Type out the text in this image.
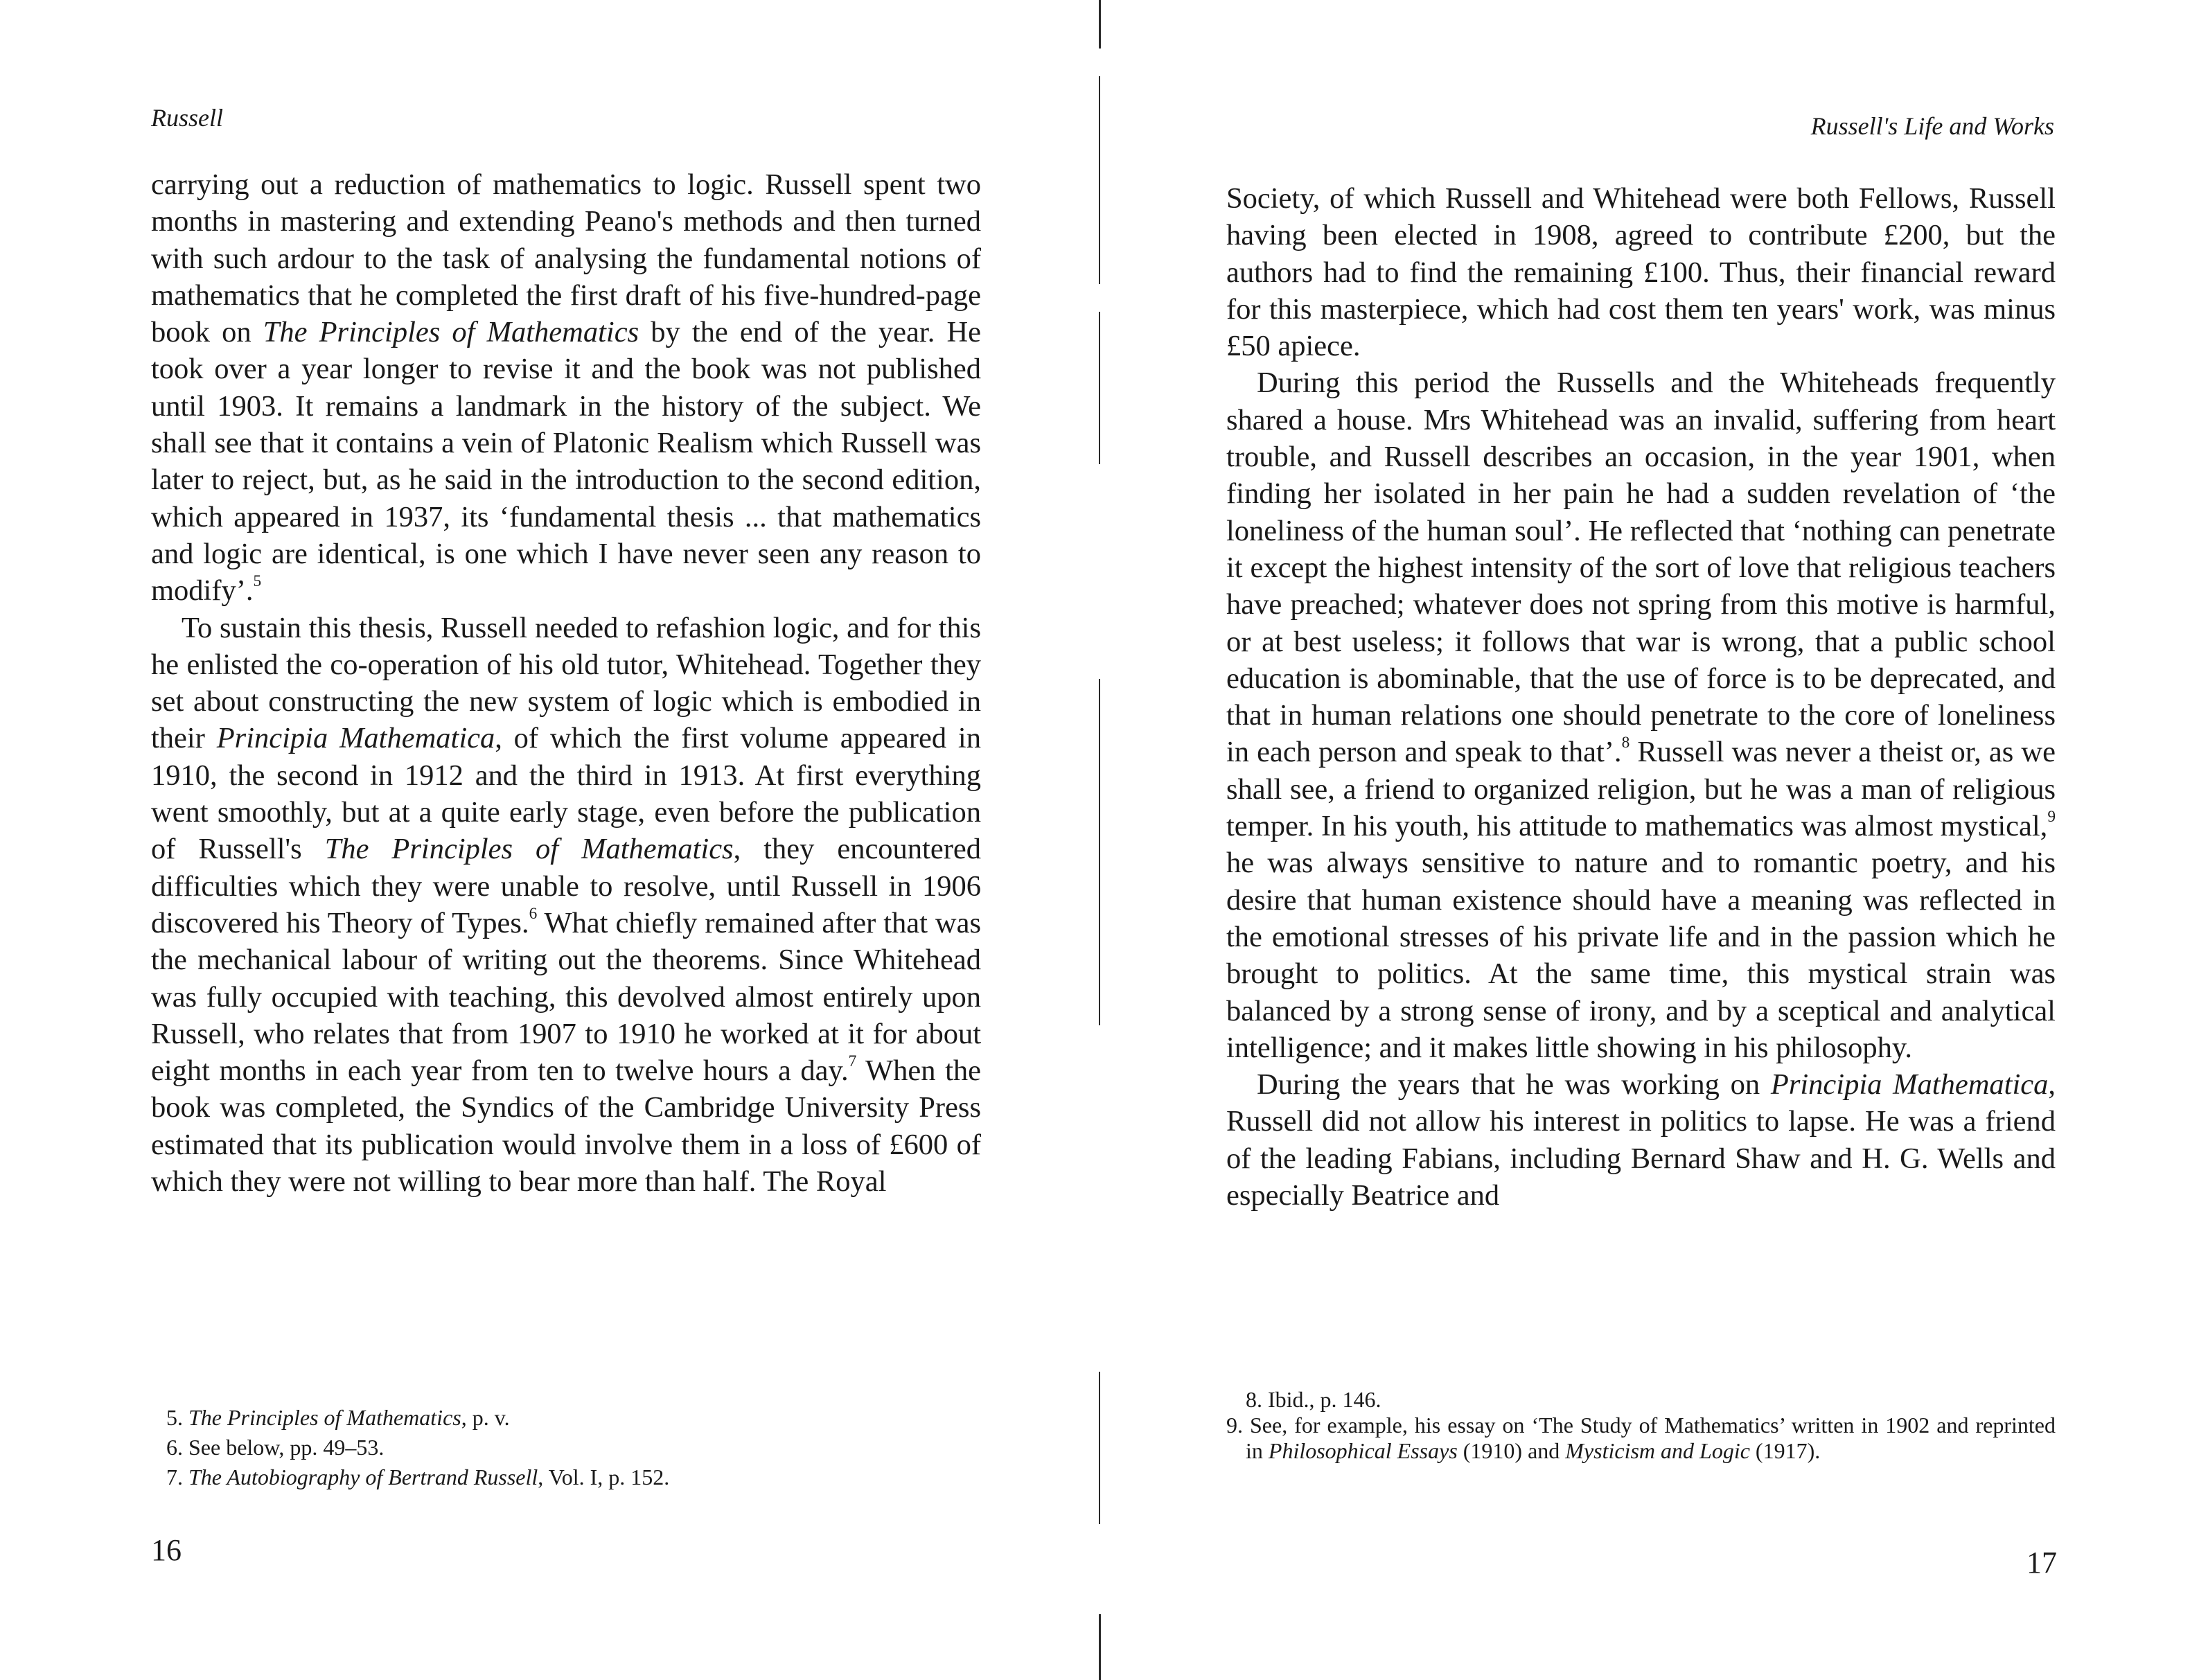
Russell

carrying out a reduction of mathematics to logic. Russell spent two months in mastering and extending Peano's methods and then turned with such ardour to the task of analysing the fundamental notions of mathematics that he completed the first draft of his five-hundred-page book on The Principles of Mathematics by the end of the year. He took over a year longer to revise it and the book was not published until 1903. It remains a landmark in the history of the subject. We shall see that it contains a vein of Platonic Realism which Russell was later to reject, but, as he said in the introduction to the second edition, which appeared in 1937, its ‘fundamental thesis ... that mathematics and logic are identical, is one which I have never seen any reason to modify’.$^5$

To sustain this thesis, Russell needed to refashion logic, and for this he enlisted the co-operation of his old tutor, Whitehead. Together they set about constructing the new system of logic which is embodied in their Principia Mathematica, of which the first volume appeared in 1910, the second in 1912 and the third in 1913. At first everything went smoothly, but at a quite early stage, even before the publication of Russell's The Principles of Mathematics, they encountered difficulties which they were unable to resolve, until Russell in 1906 discovered his Theory of Types.$^6$ What chiefly remained after that was the mechanical labour of writing out the theorems. Since Whitehead was fully occupied with teaching, this devolved almost entirely upon Russell, who relates that from 1907 to 1910 he worked at it for about eight months in each year from ten to twelve hours a day.$^7$ When the book was completed, the Syndics of the Cambridge University Press estimated that its publication would involve them in a loss of £600 of which they were not willing to bear more than half. The Royal

5. The Principles of Mathematics, p. v.

6. See below, pp. 49–53.

7. The Autobiography of Bertrand Russell, Vol. I, p. 152.

16
Russell's Life and Works

Society, of which Russell and Whitehead were both Fellows, Russell having been elected in 1908, agreed to contribute £200, but the authors had to find the remaining £100. Thus, their financial reward for this masterpiece, which had cost them ten years' work, was minus £50 apiece.

During this period the Russells and the Whiteheads frequently shared a house. Mrs Whitehead was an invalid, suffering from heart trouble, and Russell describes an occasion, in the year 1901, when finding her isolated in her pain he had a sudden revelation of ‘the loneliness of the human soul’. He reflected that ‘nothing can penetrate it except the highest intensity of the sort of love that religious teachers have preached; whatever does not spring from this motive is harmful, or at best useless; it follows that war is wrong, that a public school education is abominable, that the use of force is to be deprecated, and that in human relations one should penetrate to the core of loneliness in each person and speak to that’.$^8$ Russell was never a theist or, as we shall see, a friend to organized religion, but he was a man of religious temper. In his youth, his attitude to mathematics was almost mystical,$^9$ he was always sensitive to nature and to romantic poetry, and his desire that human existence should have a meaning was reflected in the emotional stresses of his private life and in the passion which he brought to politics. At the same time, this mystical strain was balanced by a strong sense of irony, and by a sceptical and analytical intelligence; and it makes little showing in his philosophy.

During the years that he was working on Principia Mathematica, Russell did not allow his interest in politics to lapse. He was a friend of the leading Fabians, including Bernard Shaw and H. G. Wells and especially Beatrice and

8. Ibid., p. 146.

9. See, for example, his essay on ‘The Study of Mathematics’ written in 1902 and reprinted in Philosophical Essays (1910) and Mysticism and Logic (1917).

17
